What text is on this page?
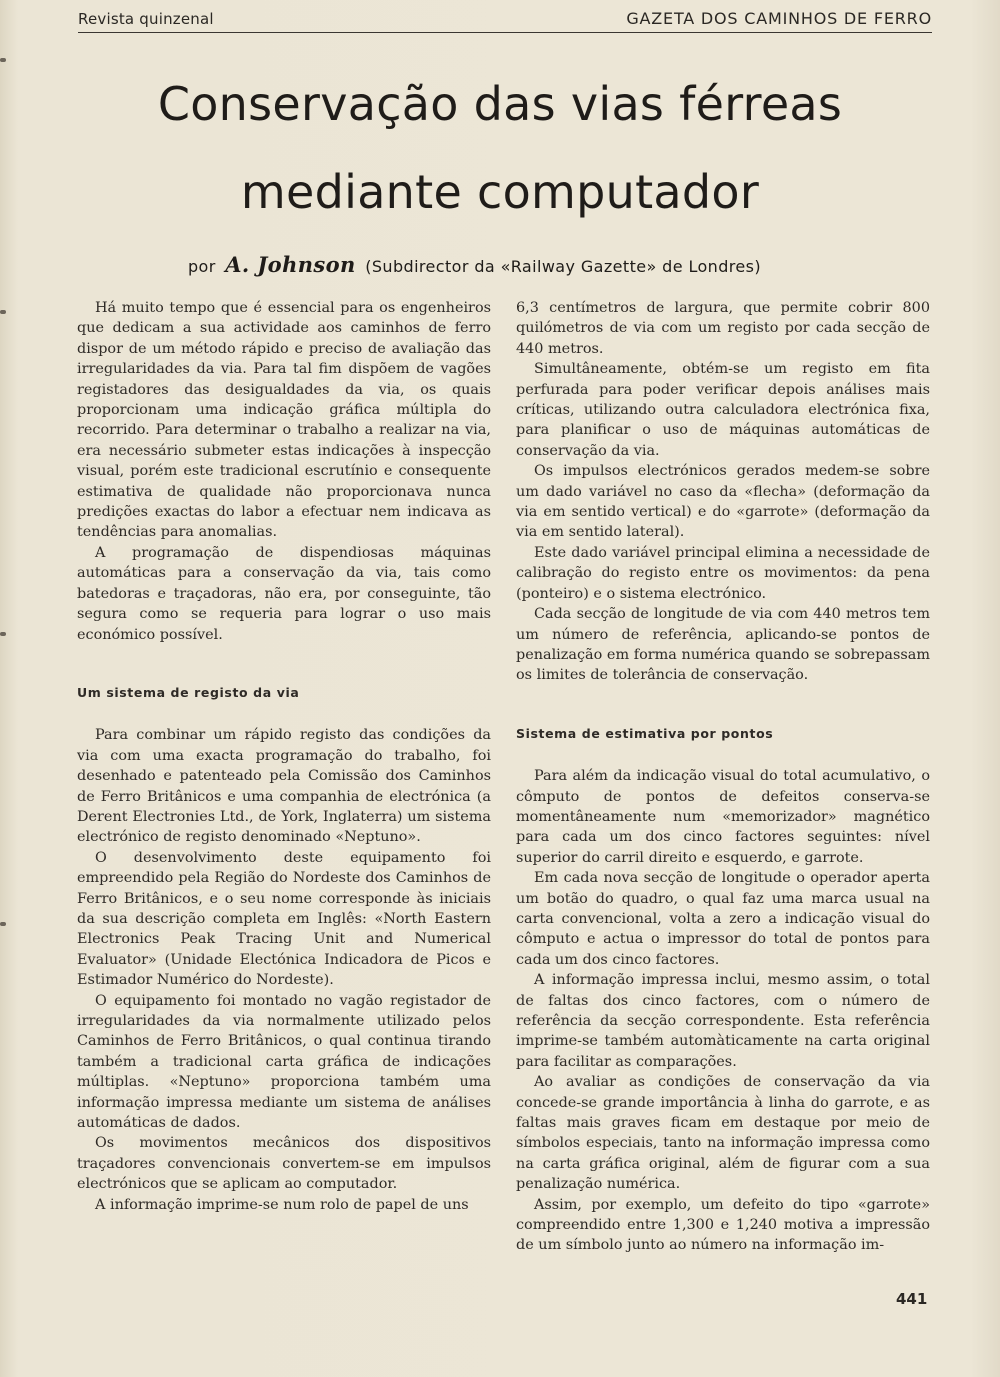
Revista quinzenal	GAZETA DOS CAMINHOS DE FERRO
Conservação das vias férreas
mediante computador
por A. Johnson (Subdirector da «Railway Gazette» de Londres)

Há muito tempo que é essencial para os engenheiros que dedicam a sua actividade aos caminhos de ferro dispor de um método rápido e preciso de avaliação das irregularidades da via. Para tal fim dispõem de vagões registadores das desigualdades da via, os quais proporcionam uma indicação gráfica múltipla do recorrido. Para determinar o trabalho a realizar na via, era necessário submeter estas indicações à inspecção visual, porém este tradicional escrutínio e consequente estimativa de qualidade não proporcionava nunca predições exactas do labor a efectuar nem indicava as tendências para anomalias.

A programação de dispendiosas máquinas automáticas para a conservação da via, tais como batedoras e traçadoras, não era, por conseguinte, tão segura como se requeria para lograr o uso mais económico possível.

Um sistema de registo da via

Para combinar um rápido registo das condições da via com uma exacta programação do trabalho, foi desenhado e patenteado pela Comissão dos Caminhos de Ferro Britânicos e uma companhia de electrónica (a Derent Electronies Ltd., de York, Inglaterra) um sistema electrónico de registo denominado «Neptuno».

O desenvolvimento deste equipamento foi empreendido pela Região do Nordeste dos Caminhos de Ferro Britânicos, e o seu nome corresponde às iniciais da sua descrição completa em Inglês: «North Eastern Electronics Peak Tracing Unit and Numerical Evaluator» (Unidade Electónica Indicadora de Picos e Estimador Numérico do Nordeste).

O equipamento foi montado no vagão registador de irregularidades da via normalmente utilizado pelos Caminhos de Ferro Britânicos, o qual continua tirando também a tradicional carta gráfica de indicações múltiplas. «Neptuno» proporciona também uma informação impressa mediante um sistema de análises automáticas de dados.

Os movimentos mecânicos dos dispositivos traçadores convencionais convertem-se em impulsos electrónicos que se aplicam ao computador.

A informação imprime-se num rolo de papel de uns

6,3 centímetros de largura, que permite cobrir 800 quilómetros de via com um registo por cada secção de 440 metros.

Simultâneamente, obtém-se um registo em fita perfurada para poder verificar depois análises mais críticas, utilizando outra calculadora electrónica fixa, para planificar o uso de máquinas automáticas de conservação da via.

Os impulsos electrónicos gerados medem-se sobre um dado variável no caso da «flecha» (deformação da via em sentido vertical) e do «garrote» (deformação da via em sentido lateral).

Este dado variável principal elimina a necessidade de calibração do registo entre os movimentos: da pena (ponteiro) e o sistema electrónico.

Cada secção de longitude de via com 440 metros tem um número de referência, aplicando-se pontos de penalização em forma numérica quando se sobrepassam os limites de tolerância de conservação.

Sistema de estimativa por pontos

Para além da indicação visual do total acumulativo, o cômputo de pontos de defeitos conserva-se momentâneamente num «memorizador» magnético para cada um dos cinco factores seguintes: nível superior do carril direito e esquerdo, e garrote.

Em cada nova secção de longitude o operador aperta um botão do quadro, o qual faz uma marca usual na carta convencional, volta a zero a indicação visual do cômputo e actua o impressor do total de pontos para cada um dos cinco factores.

A informação impressa inclui, mesmo assim, o total de faltas dos cinco factores, com o número de referência da secção correspondente. Esta referência imprime-se também automàticamente na carta original para facilitar as comparações.

Ao avaliar as condições de conservação da via concede-se grande importância à linha do garrote, e as faltas mais graves ficam em destaque por meio de símbolos especiais, tanto na informação impressa como na carta gráfica original, além de figurar com a sua penalização numérica.

Assim, por exemplo, um defeito do tipo «garrote» compreendido entre 1,300 e 1,240 motiva a impressão de um símbolo junto ao número na informação im-

441
